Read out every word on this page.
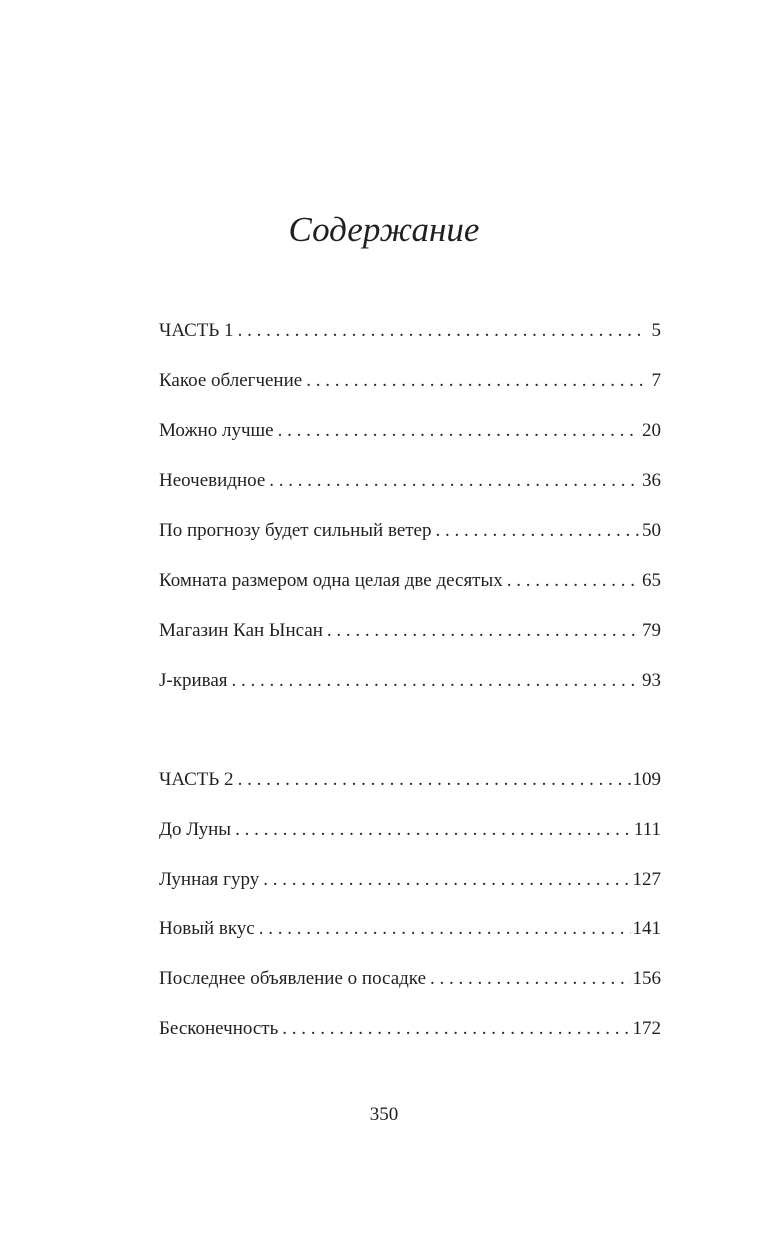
Содержание
ЧАСТЬ 1 . . .	5
Какое облегчение . . .	7
Можно лучше . . .	20
Неочевидное . . .	36
По прогнозу будет сильный ветер . . .	50
Комната размером одна целая две десятых . . .	65
Магазин Кан Ынсан . . .	79
J-кривая . . .	93
ЧАСТЬ 2 . . .	109
До Луны . . .	111
Лунная гуру . . .	127
Новый вкус . . .	141
Последнее объявление о посадке . . .	156
Бесконечность . . .	172
350
